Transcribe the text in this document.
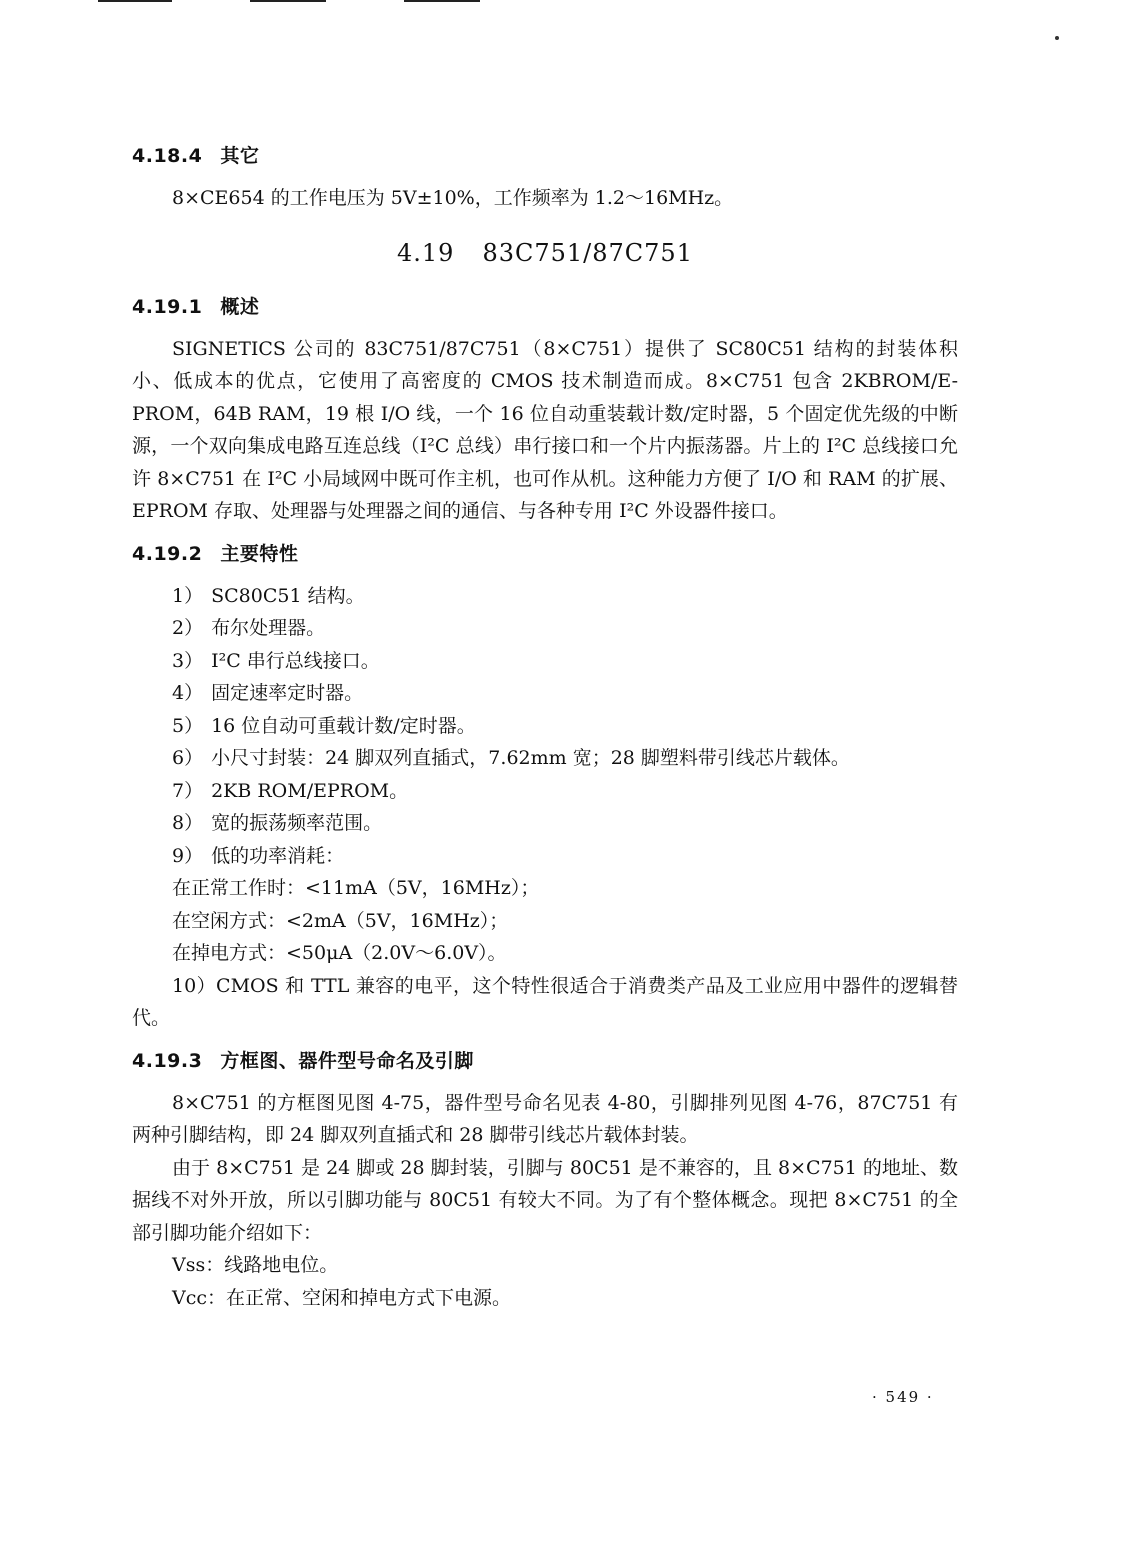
4.18.4 其它

8×CE654 的工作电压为 5V±10%，工作频率为 1.2～16MHz。

4.19 83C751/87C751
4.19.1 概述

SIGNETICS 公司的 83C751/87C751（8×C751）提供了 SC80C51 结构的封装体积小、低成本的优点，它使用了高密度的 CMOS 技术制造而成。8×C751 包含 2KBROM/E-PROM，64B RAM，19 根 I/O 线，一个 16 位自动重装载计数/定时器，5 个固定优先级的中断源，一个双向集成电路互连总线（I²C 总线）串行接口和一个片内振荡器。片上的 I²C 总线接口允许 8×C751 在 I²C 小局域网中既可作主机，也可作从机。这种能力方便了 I/O 和 RAM 的扩展、EPROM 存取、处理器与处理器之间的通信、与各种专用 I²C 外设器件接口。

4.19.2 主要特性

1） SC80C51 结构。

2） 布尔处理器。

3） I²C 串行总线接口。

4） 固定速率定时器。

5） 16 位自动可重载计数/定时器。

6） 小尺寸封装：24 脚双列直插式，7.62mm 宽；28 脚塑料带引线芯片载体。

7） 2KB ROM/EPROM。

8） 宽的振荡频率范围。

9） 低的功率消耗：

在正常工作时：<11mA（5V，16MHz）；

在空闲方式：<2mA（5V，16MHz）；

在掉电方式：<50μA（2.0V～6.0V）。

10）CMOS 和 TTL 兼容的电平，这个特性很适合于消费类产品及工业应用中器件的逻辑替代。

4.19.3 方框图、器件型号命名及引脚

8×C751 的方框图见图 4-75，器件型号命名见表 4-80，引脚排列见图 4-76，87C751 有两种引脚结构，即 24 脚双列直插式和 28 脚带引线芯片载体封装。

由于 8×C751 是 24 脚或 28 脚封装，引脚与 80C51 是不兼容的，且 8×C751 的地址、数据线不对外开放，所以引脚功能与 80C51 有较大不同。为了有个整体概念。现把 8×C751 的全部引脚功能介绍如下：

Vss：线路地电位。

Vcc：在正常、空闲和掉电方式下电源。

· 549 ·
